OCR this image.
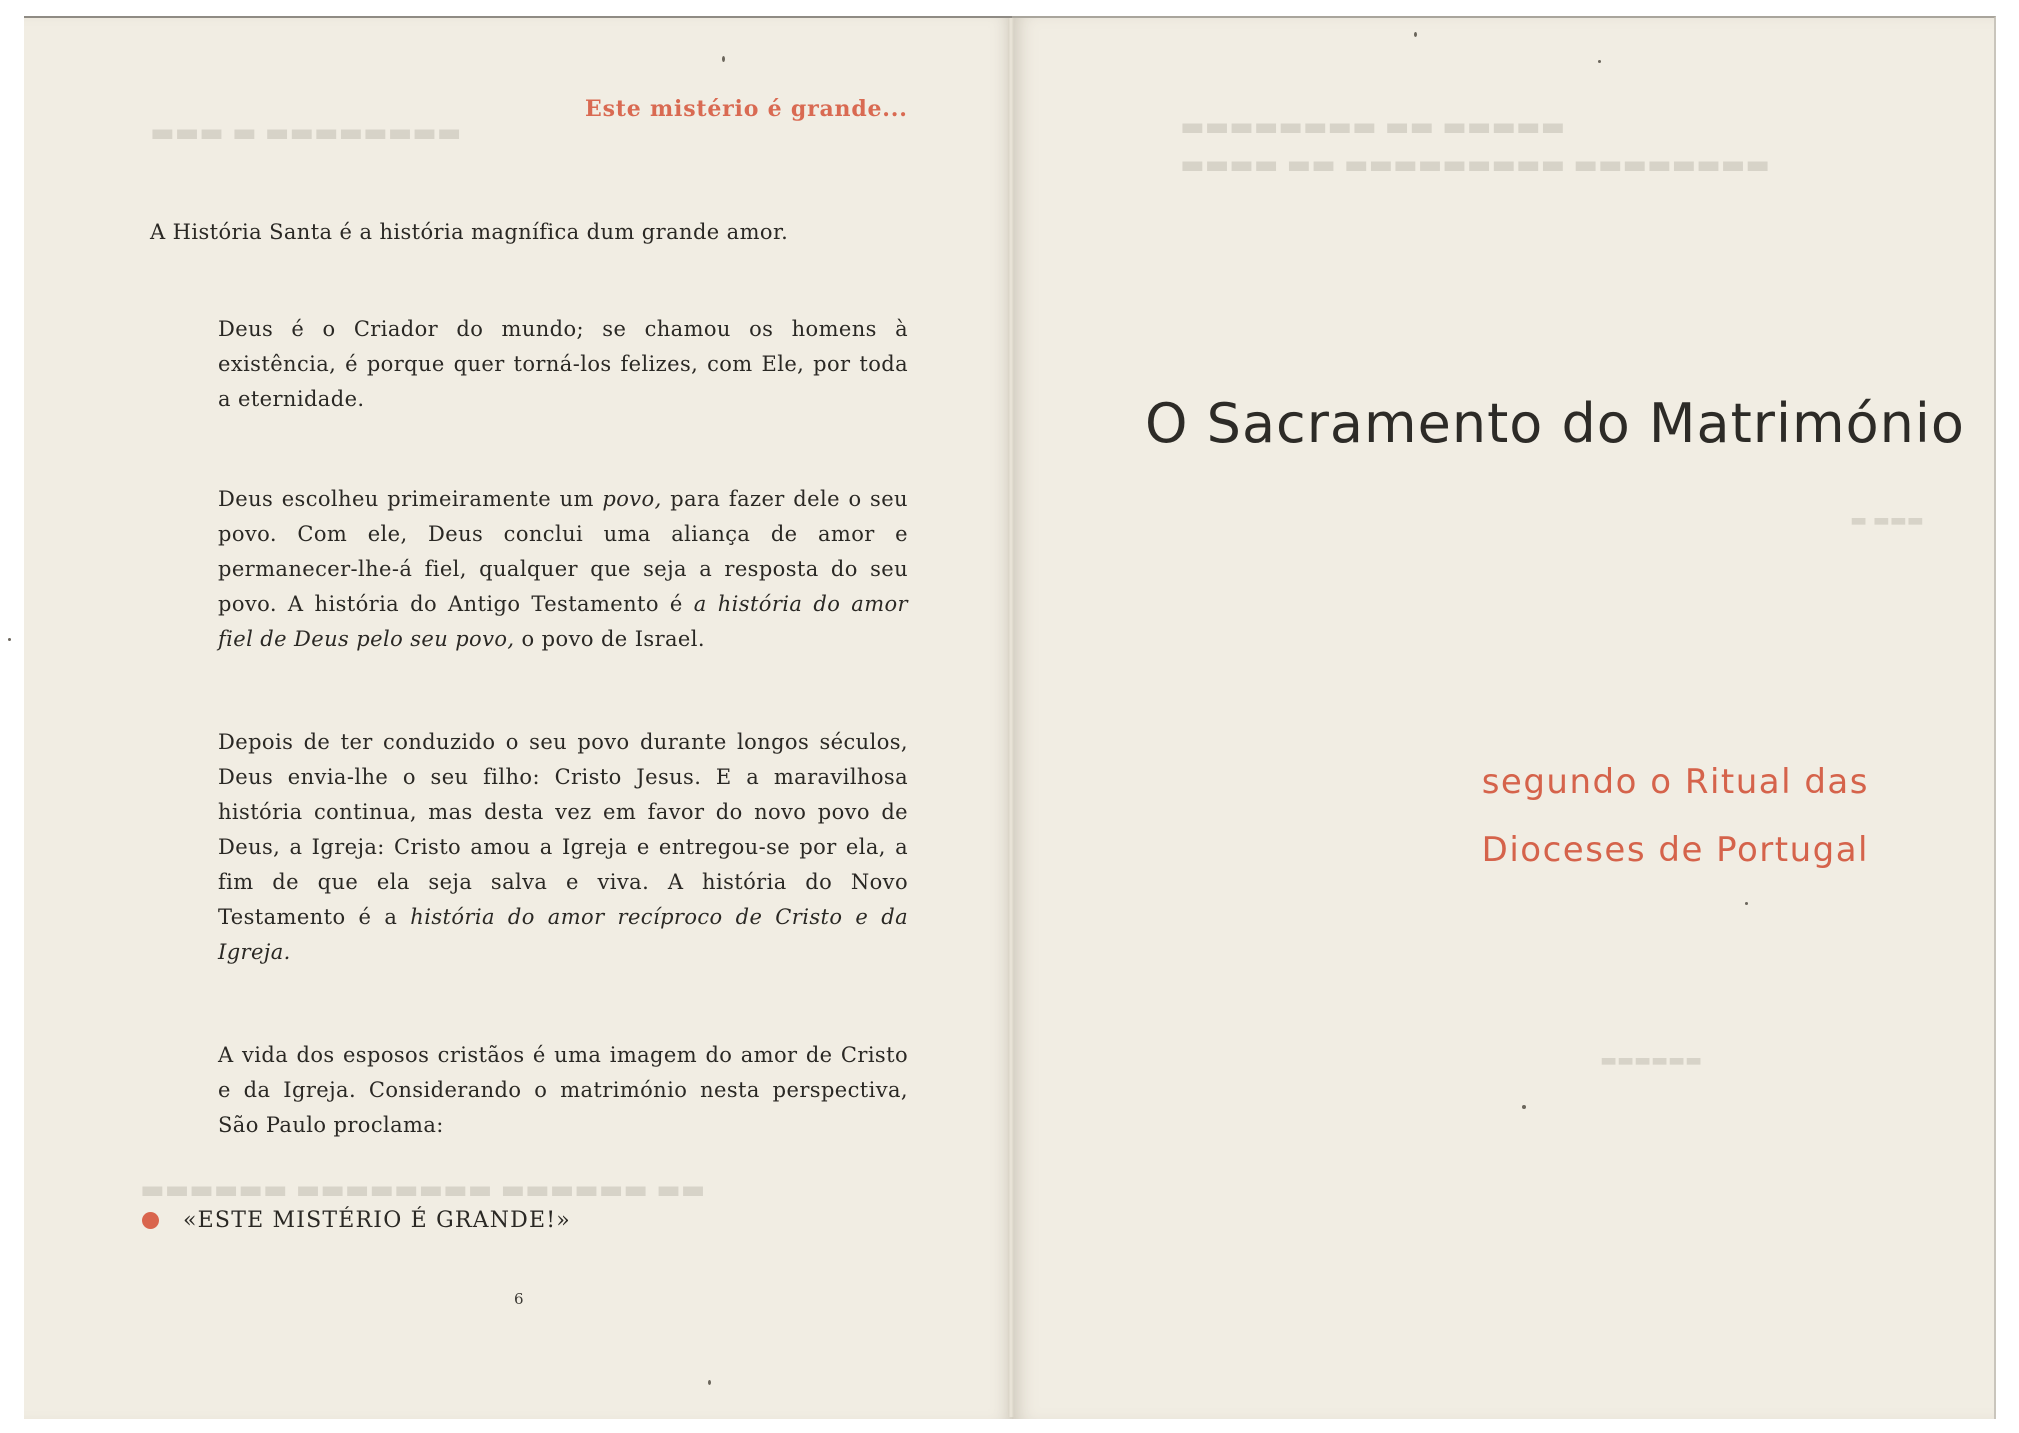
▬▬▬ ▬ ▬▬▬▬▬▬▬▬	▬▬▬▬▬▬▬▬ ▬▬ ▬▬▬▬▬
▬▬▬▬ ▬▬ ▬▬▬▬▬▬▬▬▬ ▬▬▬▬▬▬▬▬
▬ ▬▬▬
▬▬▬▬▬▬
▬▬▬▬▬▬ ▬▬▬▬▬▬▬▬ ▬▬▬▬▬▬ ▬▬
Este mistério é grande...
A História Santa é a história magnífica dum grande amor.
Deus é o Criador do mundo; se chamou os homens à existência, é porque quer torná-los felizes, com Ele, por toda a eternidade.
Deus escolheu primeiramente um povo, para fazer dele o seu povo. Com ele, Deus conclui uma aliança de amor e permanecer-lhe-á fiel, qualquer que seja a resposta do seu povo. A história do Antigo Testamento é a história do amor fiel de Deus pelo seu povo, o povo de Israel.
Depois de ter conduzido o seu povo durante longos séculos, Deus envia-lhe o seu filho: Cristo Jesus. E a maravilhosa história continua, mas desta vez em favor do novo povo de Deus, a Igreja: Cristo amou a Igreja e entregou-se por ela, a fim de que ela seja salva e viva. A história do Novo Testamento é a história do amor recíproco de Cristo e da Igreja.
A vida dos esposos cristãos é uma imagem do amor de Cristo e da Igreja. Considerando o matrimónio nesta perspectiva, São Paulo proclama:
«ESTE MISTÉRIO É GRANDE!»
6
O Sacramento do Matrimónio
segundo o Ritual das
Dioceses de Portugal
